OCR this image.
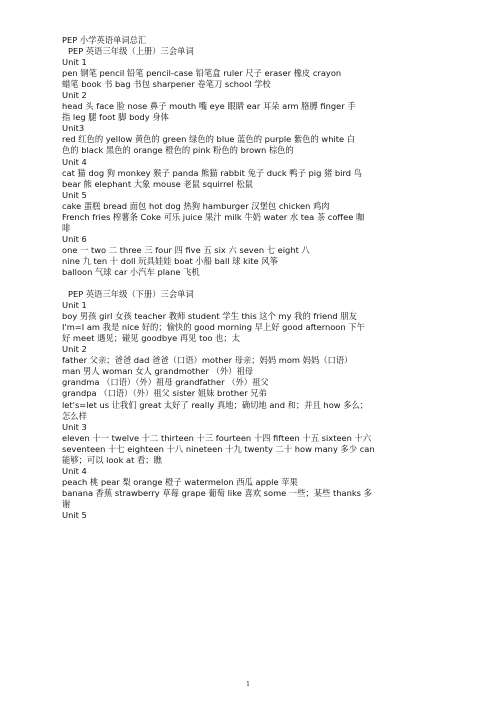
PEP 小学英语单词总汇
PEP 英语三年级（上册）三会单词
Unit 1
pen 钢笔 pencil 铅笔 pencil-case 铅笔盒 ruler 尺子 eraser 橡皮 crayon
蜡笔 book 书 bag 书包 sharpener 卷笔刀 school 学校
Unit 2
head 头 face 脸 nose 鼻子 mouth 嘴 eye 眼睛 ear 耳朵 arm 胳膊 finger 手
指 leg 腿 foot 脚 body 身体
Unit3
red 红色的 yellow 黄色的 green 绿色的 blue 蓝色的 purple 紫色的 white 白
色的 black 黑色的 orange 橙色的 pink 粉色的 brown 棕色的
Unit 4
cat 猫 dog 狗 monkey 猴子 panda 熊猫 rabbit 兔子 duck 鸭子 pig 猪 bird 鸟
bear 熊 elephant 大象 mouse 老鼠 squirrel 松鼠
Unit 5
cake 蛋糕 bread 面包 hot dog 热狗 hamburger 汉堡包 chicken 鸡肉
French fries 榨薯条 Coke 可乐 juice 果汁 milk 牛奶 water 水 tea 茶 coffee 咖
啡
Unit 6
one 一 two 二 three 三 four 四 five 五 six 六 seven 七 eight 八
nine 九 ten 十 doll 玩具娃娃 boat 小船 ball 球 kite 风筝
balloon 气球 car 小汽车 plane 飞机
PEP 英语三年级（下册）三会单词
Unit 1
boy 男孩 girl 女孩 teacher 教师 student 学生 this 这个 my 我的 friend 朋友
I'm=I am 我是 nice 好的；愉快的 good morning 早上好 good afternoon 下午
好 meet 遇见；碰见 goodbye 再见 too 也；太
Unit 2
father 父亲；爸爸 dad 爸爸（口语）mother 母亲；妈妈 mom 妈妈（口语）
man 男人 woman 女人 grandmother （外）祖母
grandma （口语）（外）祖母 grandfather （外）祖父
grandpa （口语）（外）祖父 sister 姐妹 brother 兄弟
let's=let us 让我们 great 太好了 really 真地；确切地 and 和；并且 how 多么；
怎么样
Unit 3
eleven 十一 twelve 十二 thirteen 十三 fourteen 十四 fifteen 十五 sixteen 十六
seventeen 十七 eighteen 十八 nineteen 十九 twenty 二十 how many 多少 can
能够；可以 look at 看；瞧
Unit 4
peach 桃 pear 梨 orange 橙子 watermelon 西瓜 apple 苹果
banana 香蕉 strawberry 草莓 grape 葡萄 like 喜欢 some 一些；某些 thanks 多
谢
Unit 5
1
